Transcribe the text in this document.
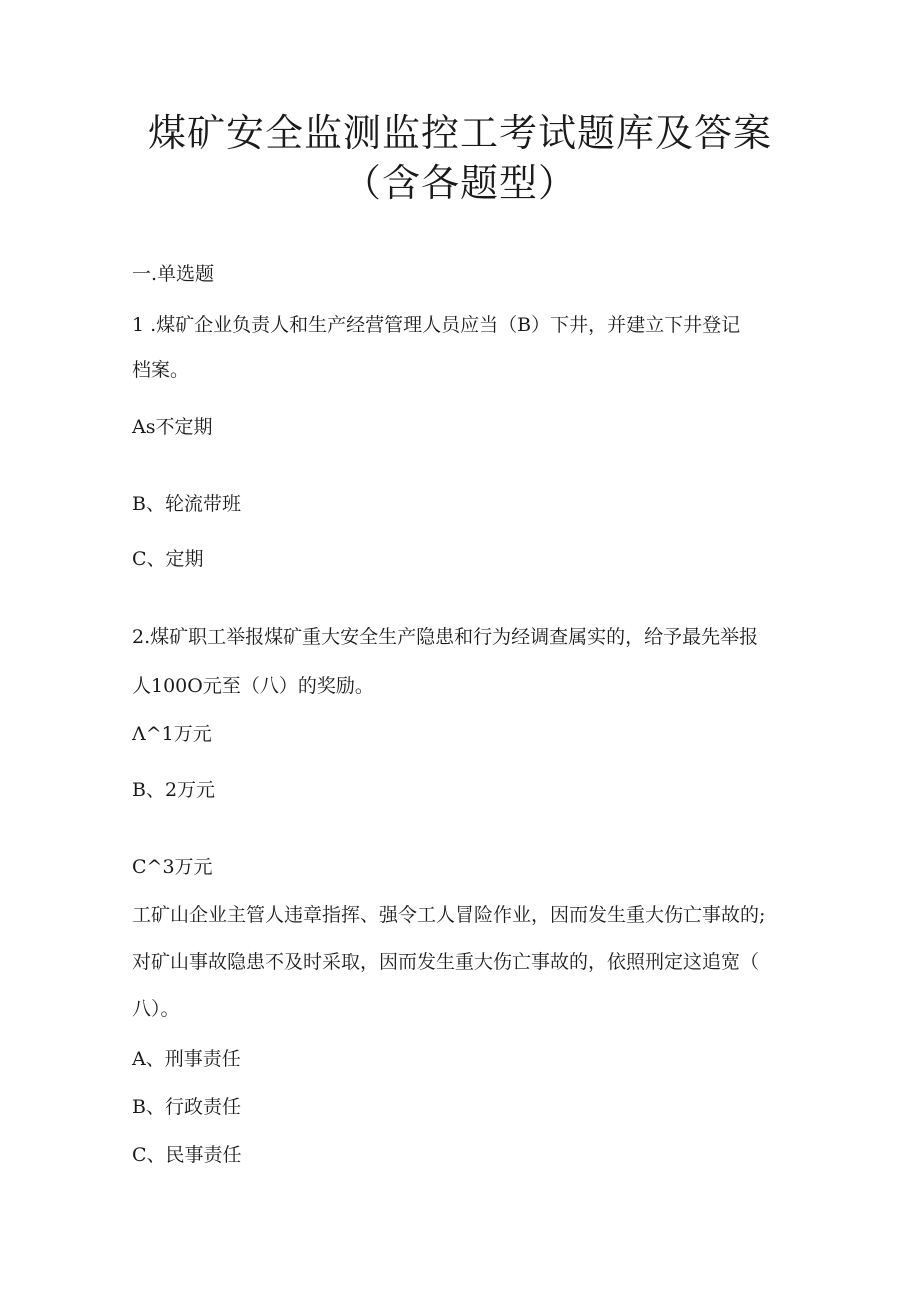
煤矿安全监测监控工考试题库及答案
（含各题型）

一.单选题

1 .煤矿企业负责人和生产经营管理人员应当（B）下井，并建立下井登记

档案。

As不定期

B、轮流带班

C、定期

2.煤矿职工举报煤矿重大安全生产隐患和行为经调查属实的，给予最先举报

人100O元至（八）的奖励。

Λ^1万元

B、2万元

C^3万元

工矿山企业主管人违章指挥、强令工人冒险作业，因而发生重大伤亡事故的;

对矿山事故隐患不及时采取，因而发生重大伤亡事故的，依照刑定这追宽（

八）。

A、刑事责任

B、行政责任

C、民事责任
